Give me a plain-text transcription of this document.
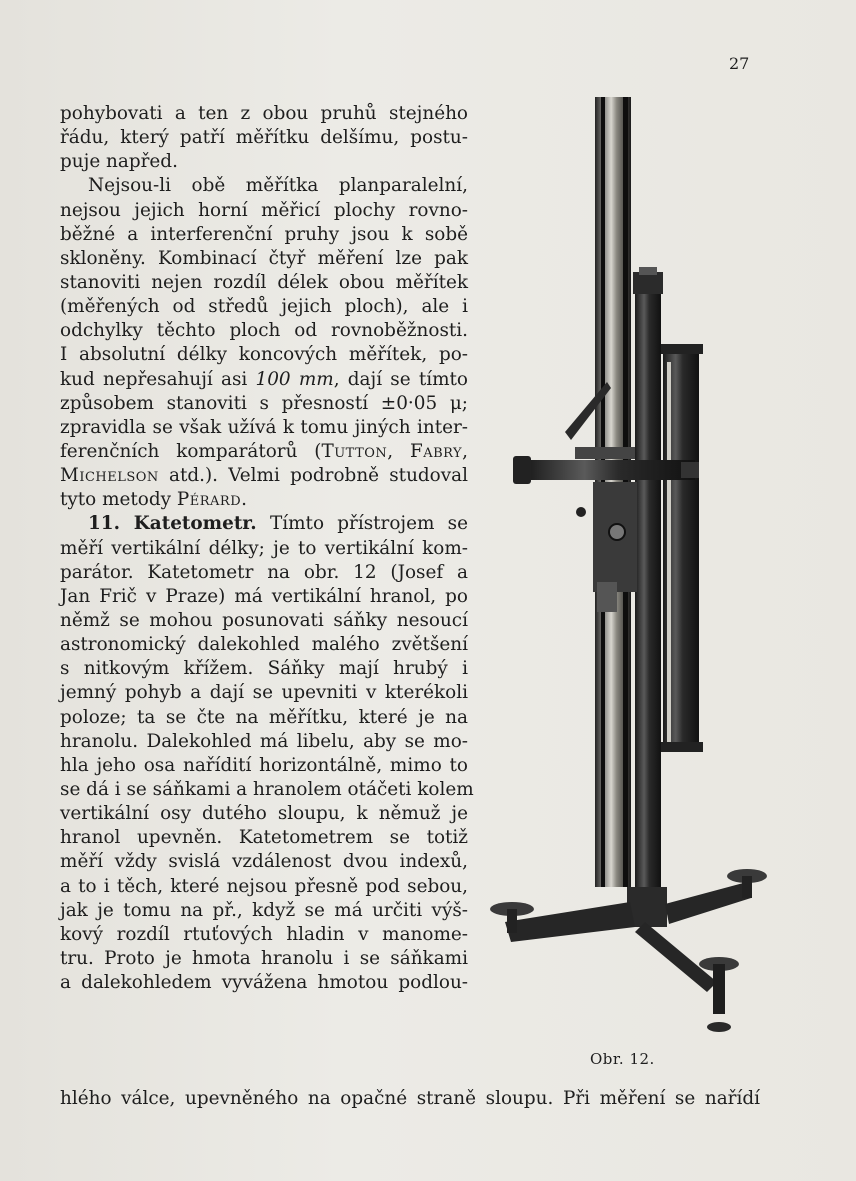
27
pohybovati a ten z obou pruhů stejného
řádu, který patří měřítku delšímu, postu-
puje napřed.
Nejsou-li obě měřítka planparalelní,
nejsou jejich horní měřicí plochy rovno-
běžné a interferenční pruhy jsou k sobě
skloněny. Kombinací čtyř měření lze pak
stanoviti nejen rozdíl délek obou měřítek
(měřených od středů jejich ploch), ale i
odchylky těchto ploch od rovnoběžnosti.
I absolutní délky koncových měřítek, po-
kud nepřesahují asi 100 mm, dají se tímto
způsobem stanoviti s přesností ±0·05 μ;
zpravidla se však užívá k tomu jiných inter-
ferenčních komparátorů (Tutton, Fabry,
Michelson atd.). Velmi podrobně studoval
tyto metody Pérard.
11. Katetometr. Tímto přístrojem se
měří vertikální délky; je to vertikální kom-
parátor. Katetometr na obr. 12 (Josef a
Jan Frič v Praze) má vertikální hranol, po
němž se mohou posunovati sáňky nesoucí
astronomický dalekohled malého zvětšení
s nitkovým křížem. Sáňky mají hrubý i
jemný pohyb a dají se upevniti v kterékoli
poloze; ta se čte na měřítku, které je na
hranolu. Dalekohled má libelu, aby se mo-
hla jeho osa nařídití horizontálně, mimo to
se dá i se sáňkami a hranolem otáčeti kolem
vertikální osy dutého sloupu, k němuž je
hranol upevněn. Katetometrem se totiž
měří vždy svislá vzdálenost dvou indexů,
a to i těch, které nejsou přesně pod sebou,
jak je tomu na př., když se má určiti výš-
kový rozdíl rtuťových hladin v manome-
tru. Proto je hmota hranolu i se sáňkami
a dalekohledem vyvážena hmotou podlou-
hlého válce, upevněného na opačné straně sloupu. Při měření se nařídí
Obr. 12.
